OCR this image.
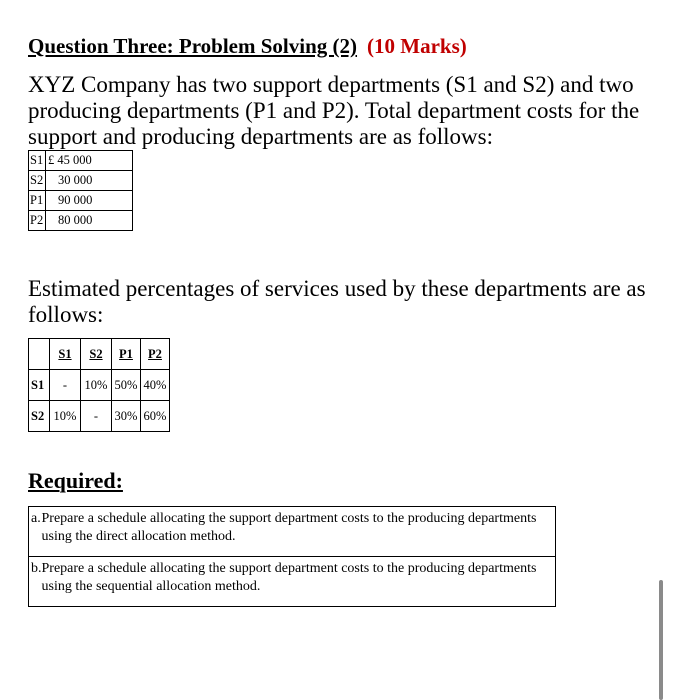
Question Three: Problem Solving (2) (10 Marks)
XYZ Company has two support departments (S1 and S2) and two producing departments (P1 and P2). Total department costs for the support and producing departments are as follows:
S1	£ 45 000
S2	30 000
P1	90 000
P2	80 000
Estimated percentages of services used by these departments are as follows:
	S1	S2	P1	P2
S1	-	10%	50%	40%
S2	10%	-	30%	60%
Required:
a.	Prepare a schedule allocating the support department costs to the producing departments using the direct allocation method.
b.	Prepare a schedule allocating the support department costs to the producing departments using the sequential allocation method.
